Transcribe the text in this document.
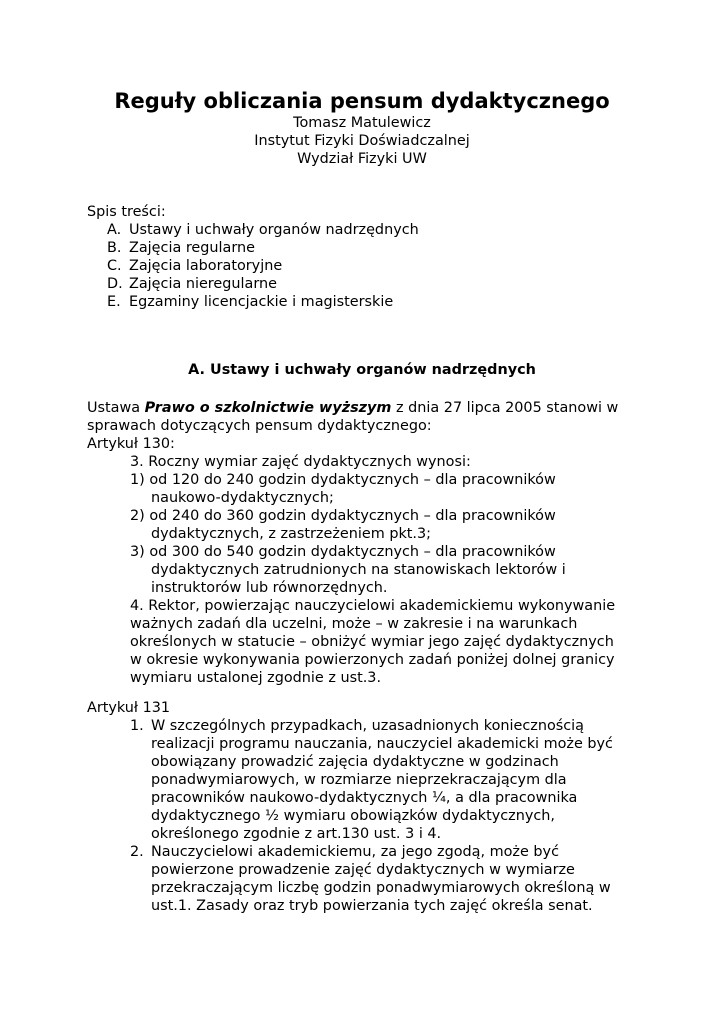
Reguły obliczania pensum dydaktycznego
Tomasz Matulewicz
Instytut Fizyki Doświadczalnej
Wydział Fizyki UW
Spis treści:
A. Ustawy i uchwały organów nadrzędnych
B. Zajęcia regularne
C. Zajęcia laboratoryjne
D. Zajęcia nieregularne
E. Egzaminy licencjackie i magisterskie
A. Ustawy i uchwały organów nadrzędnych
Ustawa Prawo o szkolnictwie wyższym z dnia 27 lipca 2005 stanowi w
sprawach dotyczących pensum dydaktycznego:
Artykuł 130:
3. Roczny wymiar zajęć dydaktycznych wynosi:
1) od 120 do 240 godzin dydaktycznych – dla pracowników
naukowo-dydaktycznych;
2) od 240 do 360 godzin dydaktycznych – dla pracowników
dydaktycznych, z zastrzeżeniem pkt.3;
3) od 300 do 540 godzin dydaktycznych – dla pracowników
dydaktycznych zatrudnionych na stanowiskach lektorów i
instruktorów lub równorzędnych.
4. Rektor, powierzając nauczycielowi akademickiemu wykonywanie
ważnych zadań dla uczelni, może – w zakresie i na warunkach
określonych w statucie – obniżyć wymiar jego zajęć dydaktycznych
w okresie wykonywania powierzonych zadań poniżej dolnej granicy
wymiaru ustalonej zgodnie z ust.3.
Artykuł 131
1. W szczególnych przypadkach, uzasadnionych koniecznością
realizacji programu nauczania, nauczyciel akademicki może być
obowiązany prowadzić zajęcia dydaktyczne w godzinach
ponadwymiarowych, w rozmiarze nieprzekraczającym dla
pracowników naukowo-dydaktycznych ¼, a dla pracownika
dydaktycznego ½ wymiaru obowiązków dydaktycznych,
określonego zgodnie z art.130 ust. 3 i 4.
2. Nauczycielowi akademickiemu, za jego zgodą, może być
powierzone prowadzenie zajęć dydaktycznych w wymiarze
przekraczającym liczbę godzin ponadwymiarowych określoną w
ust.1. Zasady oraz tryb powierzania tych zajęć określa senat.
